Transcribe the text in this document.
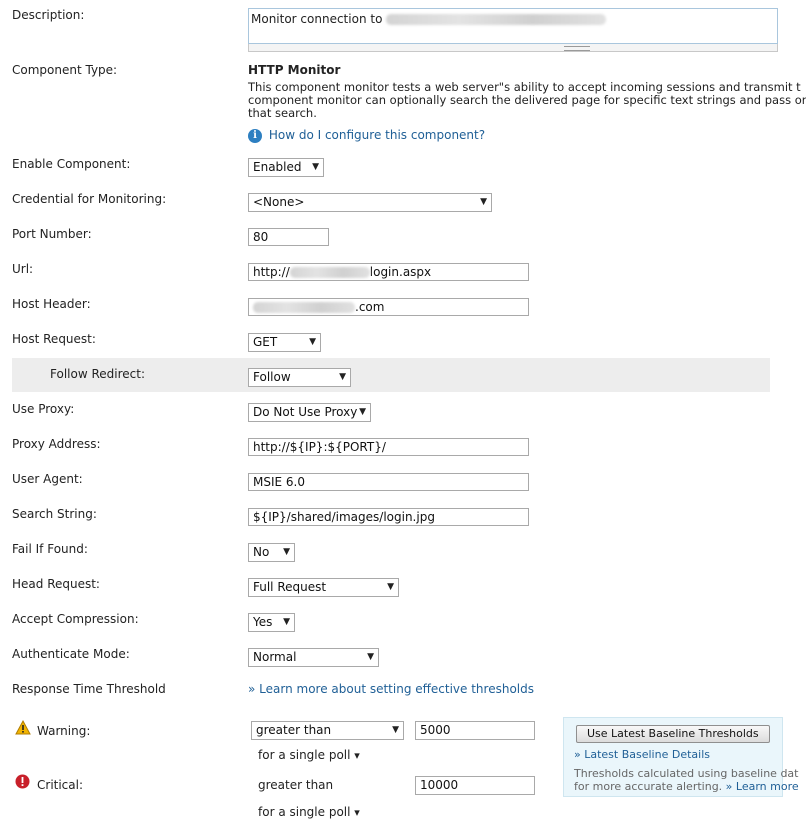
Description:	Monitor connection to
Component Type:	HTTP Monitor
This component monitor tests a web server"s ability to accept incoming sessions and transmit t
component monitor can optionally search the delivered page for specific text strings and pass or
that search.
i How do I configure this component?
Enable Component:	Enabled ▼
Credential for Monitoring:	<None>	▼
Port Number:	80
Url:	http://	login.aspx
Host Header:	.com
Host Request:	GET	▼
Follow Redirect:	Follow	▼
Use Proxy:	Do Not Use Proxy ▼
Proxy Address:	http://${IP}:${PORT}/
User Agent:	MSIE 6.0
Search String:	${IP}/shared/images/login.jpg
Fail If Found:	No ▼
Head Request:	Full Request	▼
Accept Compression:	Yes ▼
Authenticate Mode:	Normal	▼
Response Time Threshold	» Learn more about setting effective thresholds
Warning:	greater than	▼	5000
for a single poll ▾
Critical:	greater than	10000
for a single poll ▾
Use Latest Baseline Thresholds
» Latest Baseline Details
Thresholds calculated using baseline dat
for more accurate alerting. » Learn more
